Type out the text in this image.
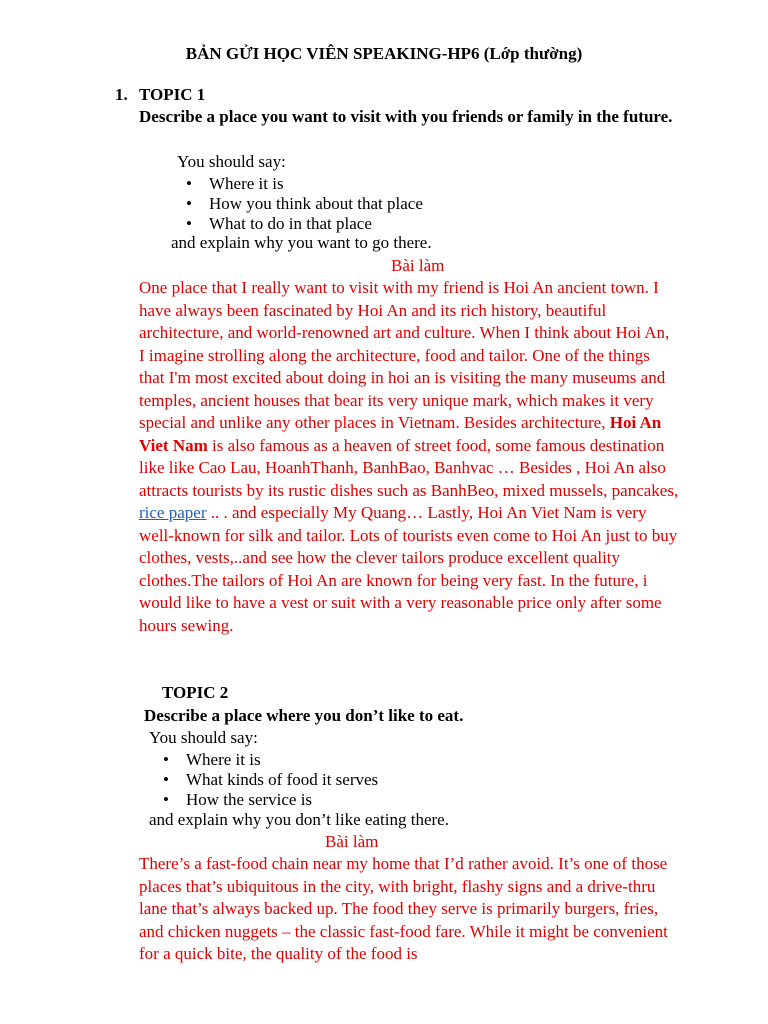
BẢN GỬI HỌC VIÊN SPEAKING-HP6 (Lớp thường)
1. TOPIC 1
Describe a place you want to visit with you friends or family in the future.
You should say:
• Where it is
• How you think about that place
• What to do in that place
and explain why you want to go there.
Bài làm

One place that I really want to visit with my friend is Hoi An ancient town. I have always been fascinated by Hoi An and its rich history, beautiful architecture, and world-renowned art and culture. When I think about Hoi An, I imagine strolling along the architecture, food and tailor. One of the things that I'm most excited about doing in hoi an is visiting the many museums and temples, ancient houses that bear its very unique mark, which makes it very special and unlike any other places in Vietnam. Besides architecture, Hoi An Viet Nam is also famous as a heaven of street food, some famous destination like like Cao Lau, HoanhThanh, BanhBao, Banhvac … Besides , Hoi An also attracts tourists by its rustic dishes such as BanhBeo, mixed mussels, pancakes, rice paper .. . and especially My Quang… Lastly, Hoi An Viet Nam is very well-known for silk and tailor. Lots of tourists even come to Hoi An just to buy clothes, vests,..and see how the clever tailors produce excellent quality clothes.The tailors of Hoi An are known for being very fast. In the future, i would like to have a vest or suit with a very reasonable price only after some hours sewing.

TOPIC 2
Describe a place where you don’t like to eat.
You should say:
• Where it is
• What kinds of food it serves
• How the service is
and explain why you don’t like eating there.
Bài làm

There’s a fast-food chain near my home that I’d rather avoid. It’s one of those places that’s ubiquitous in the city, with bright, flashy signs and a drive-thru lane that’s always backed up. The food they serve is primarily burgers, fries, and chicken nuggets – the classic fast-food fare. While it might be convenient for a quick bite, the quality of the food is
